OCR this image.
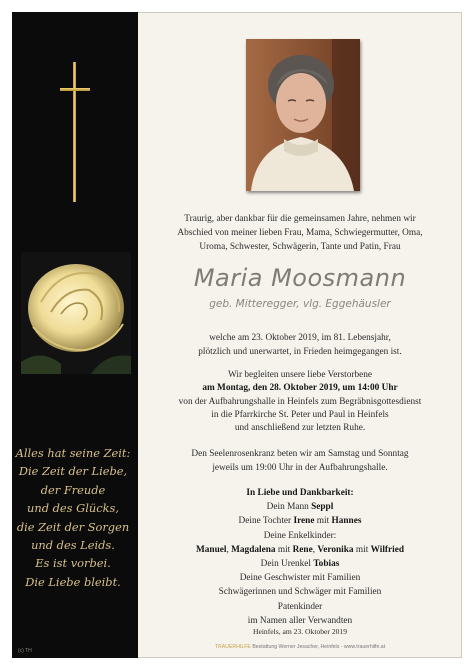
Alles hat seine Zeit:
Die Zeit der Liebe,
der Freude
und des Glücks,
die Zeit der Sorgen
und des Leids.
Es ist vorbei.
Die Liebe bleibt.
(c) TH
Traurig, aber dankbar für die gemeinsamen Jahre, nehmen wir
Abschied von meiner lieben Frau, Mama, Schwiegermutter, Oma,
Uroma, Schwester, Schwägerin, Tante und Patin, Frau
Maria Moosmann
geb. Mitteregger, vlg. Eggehäusler
welche am 23. Oktober 2019, im 81. Lebensjahr,
plötzlich und unerwartet, in Frieden heimgegangen ist.
Wir begleiten unsere liebe Verstorbene
am Montag, den 28. Oktober 2019, um 14:00 Uhr
von der Aufbahrungshalle in Heinfels zum Begräbnisgottesdienst
in die Pfarrkirche St. Peter und Paul in Heinfels
und anschließend zur letzten Ruhe.
Den Seelenrosenkranz beten wir am Samstag und Sonntag
jeweils um 19:00 Uhr in der Aufbahrungshalle.
In Liebe und Dankbarkeit:
Dein Mann Seppl
Deine Tochter Irene mit Hannes
Deine Enkelkinder:
Manuel, Magdalena mit Rene, Veronika mit Wilfried
Dein Urenkel Tobias
Deine Geschwister mit Familien
Schwägerinnen und Schwäger mit Familien
Patenkinder
im Namen aller Verwandten
Heinfels, am 23. Oktober 2019
TRAUERHILFE Bestattung Werner Jesacher, Heinfels - www.trauerhilfe.at
